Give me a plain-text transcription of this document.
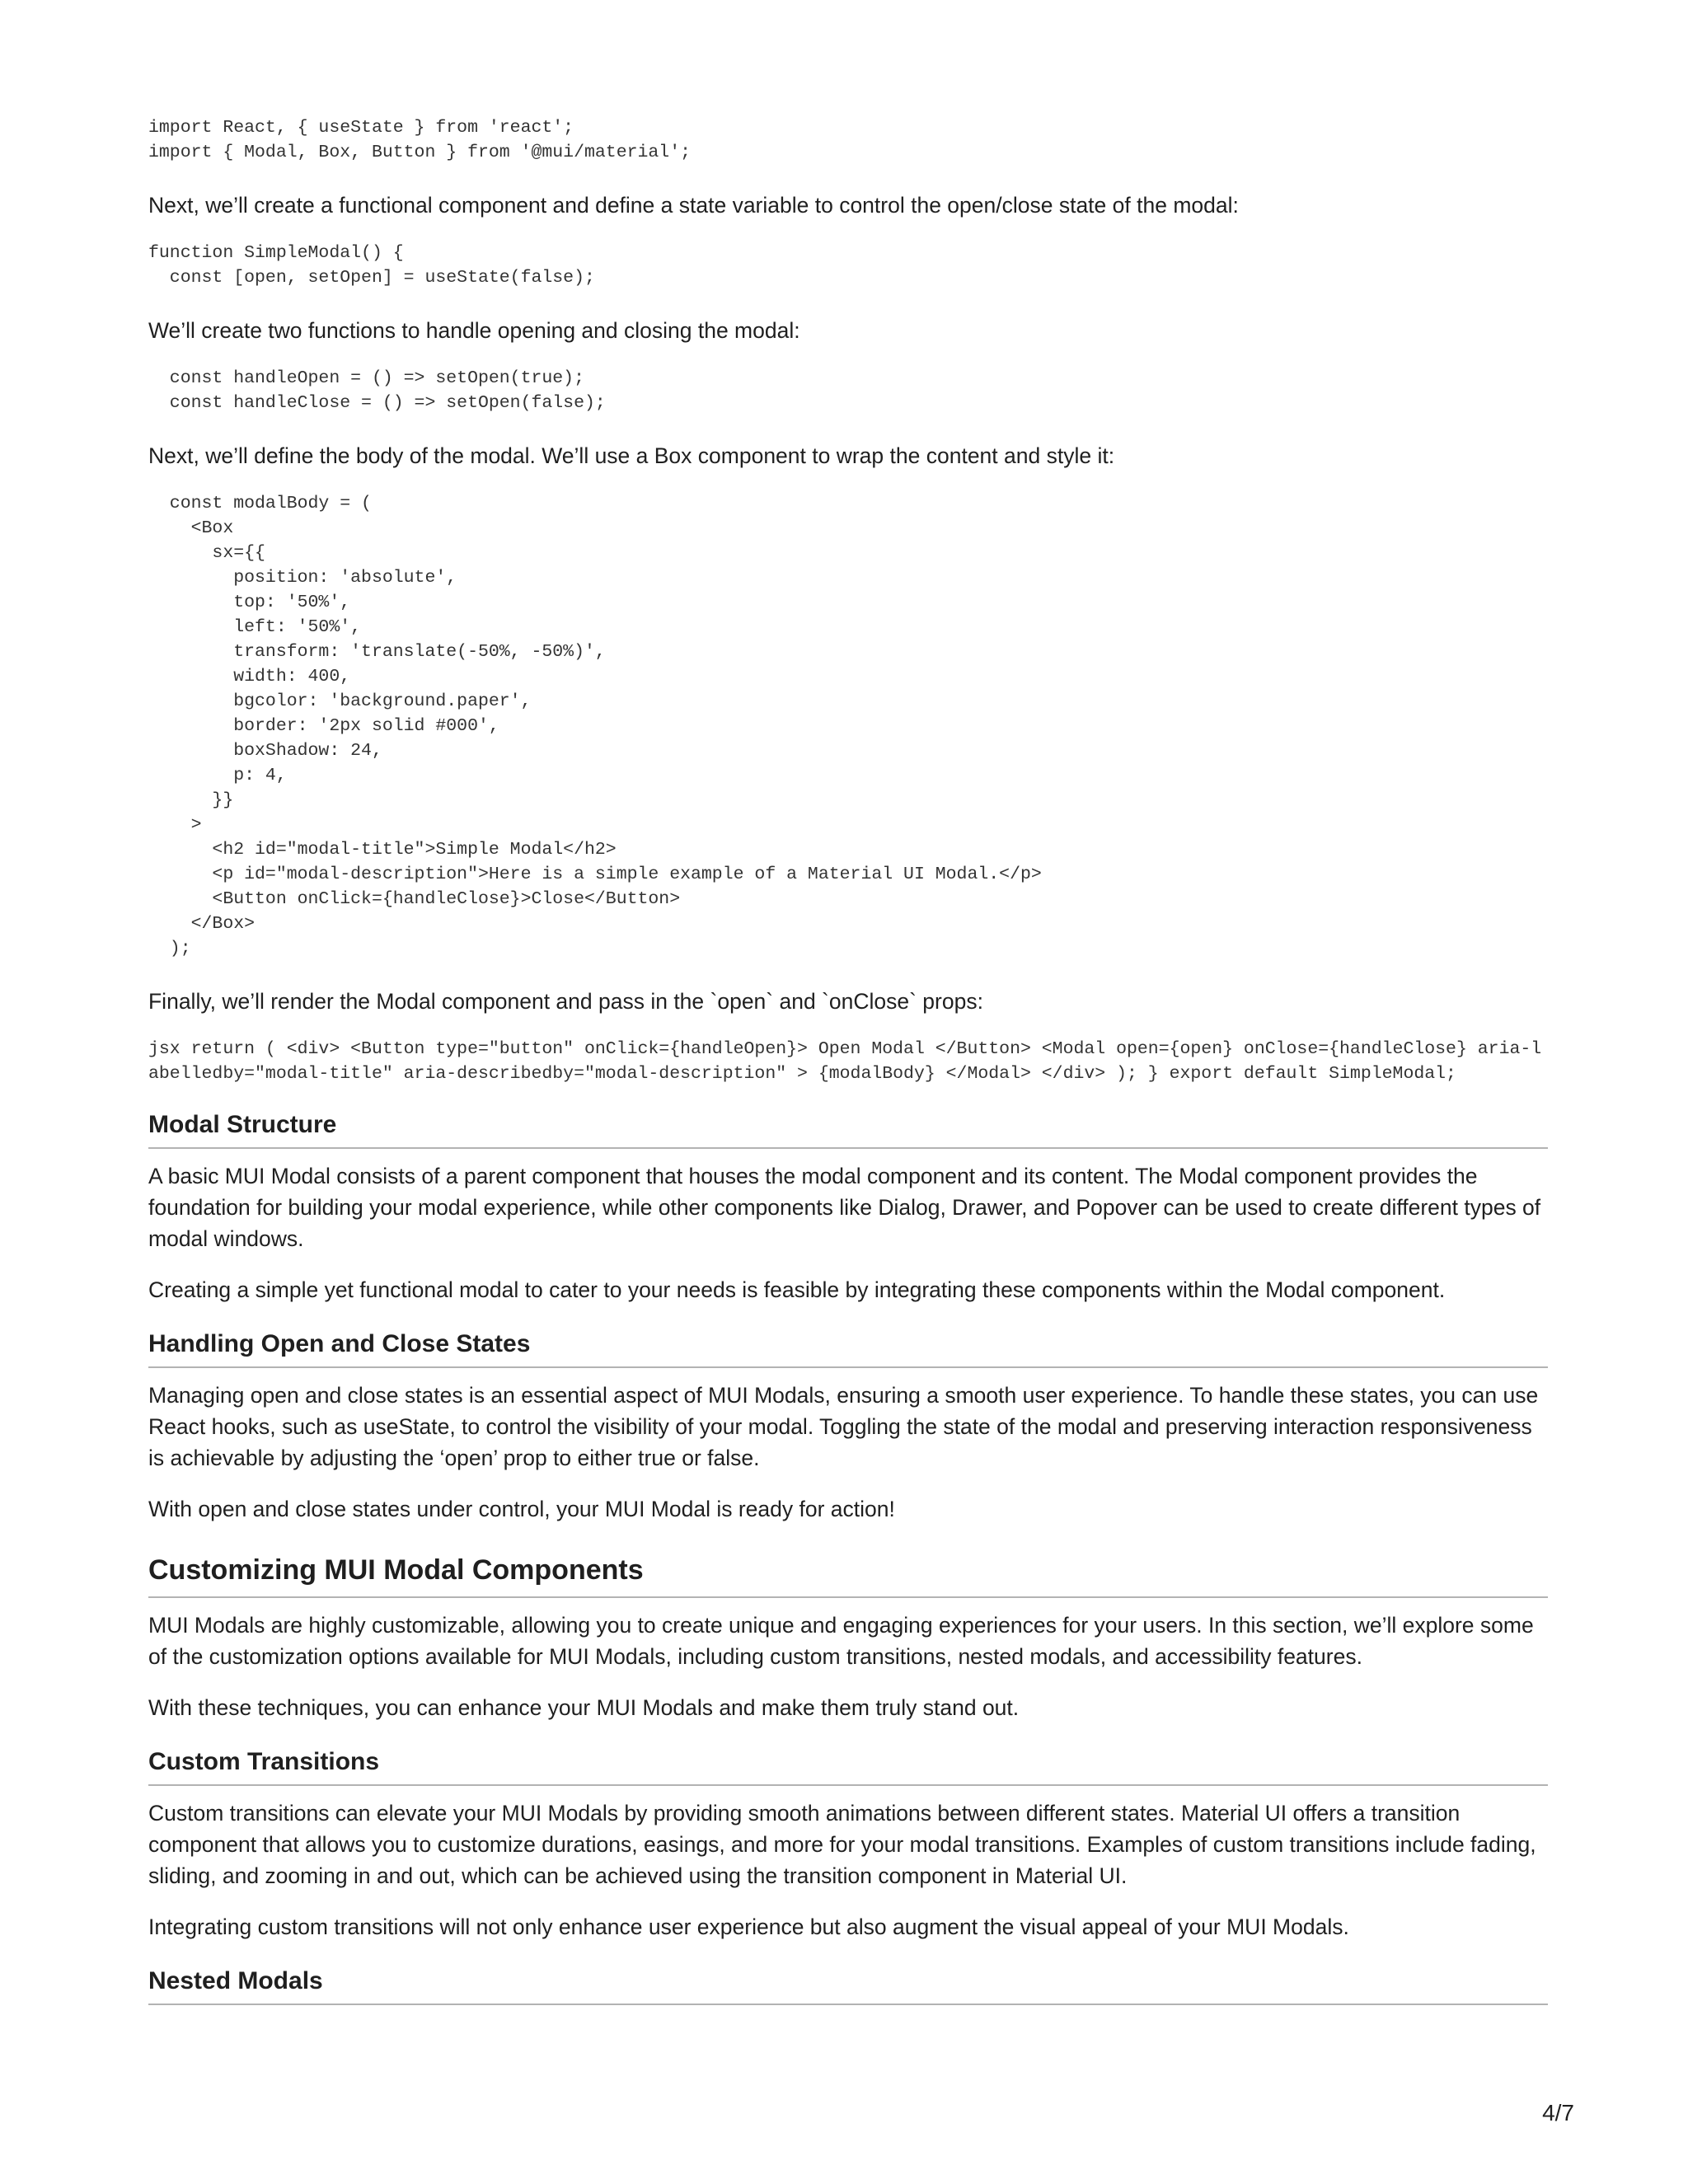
import React, { useState } from 'react';
import { Modal, Box, Button } from '@mui/material';

Next, we’ll create a functional component and define a state variable to control the open/close state of the modal:

function SimpleModal() {
const [open, setOpen] = useState(false);

We’ll create two functions to handle opening and closing the modal:

const handleOpen = () => setOpen(true);
const handleClose = () => setOpen(false);

Next, we’ll define the body of the modal. We’ll use a Box component to wrap the content and style it:

const modalBody = (
<Box
sx={{
position: 'absolute',
top: '50%',
left: '50%',
transform: 'translate(-50%, -50%)',
width: 400,
bgcolor: 'background.paper',
border: '2px solid #000',
boxShadow: 24,
p: 4,
}}
>
<h2 id="modal-title">Simple Modal</h2>
<p id="modal-description">Here is a simple example of a Material UI Modal.</p>
<Button onClick={handleClose}>Close</Button>
</Box>
);

Finally, we’ll render the Modal component and pass in the `open` and `onClose` props:

jsx return ( <div> <Button type="button" onClick={handleOpen}> Open Modal </Button> <Modal open={open} onClose={handleClose} aria-labelledby="modal-title" aria-describedby="modal-description" > {modalBody} </Modal> </div> ); } export default SimpleModal;
Modal Structure

A basic MUI Modal consists of a parent component that houses the modal component and its content. The Modal component provides the foundation for building your modal experience, while other components like Dialog, Drawer, and Popover can be used to create different types of modal windows.

Creating a simple yet functional modal to cater to your needs is feasible by integrating these components within the Modal component.

Handling Open and Close States

Managing open and close states is an essential aspect of MUI Modals, ensuring a smooth user experience. To handle these states, you can use React hooks, such as useState, to control the visibility of your modal. Toggling the state of the modal and preserving interaction responsiveness is achievable by adjusting the ‘open’ prop to either true or false.

With open and close states under control, your MUI Modal is ready for action!

Customizing MUI Modal Components

MUI Modals are highly customizable, allowing you to create unique and engaging experiences for your users. In this section, we’ll explore some of the customization options available for MUI Modals, including custom transitions, nested modals, and accessibility features.

With these techniques, you can enhance your MUI Modals and make them truly stand out.

Custom Transitions

Custom transitions can elevate your MUI Modals by providing smooth animations between different states. Material UI offers a transition component that allows you to customize durations, easings, and more for your modal transitions. Examples of custom transitions include fading, sliding, and zooming in and out, which can be achieved using the transition component in Material UI.

Integrating custom transitions will not only enhance user experience but also augment the visual appeal of your MUI Modals.

Nested Modals
4/7
